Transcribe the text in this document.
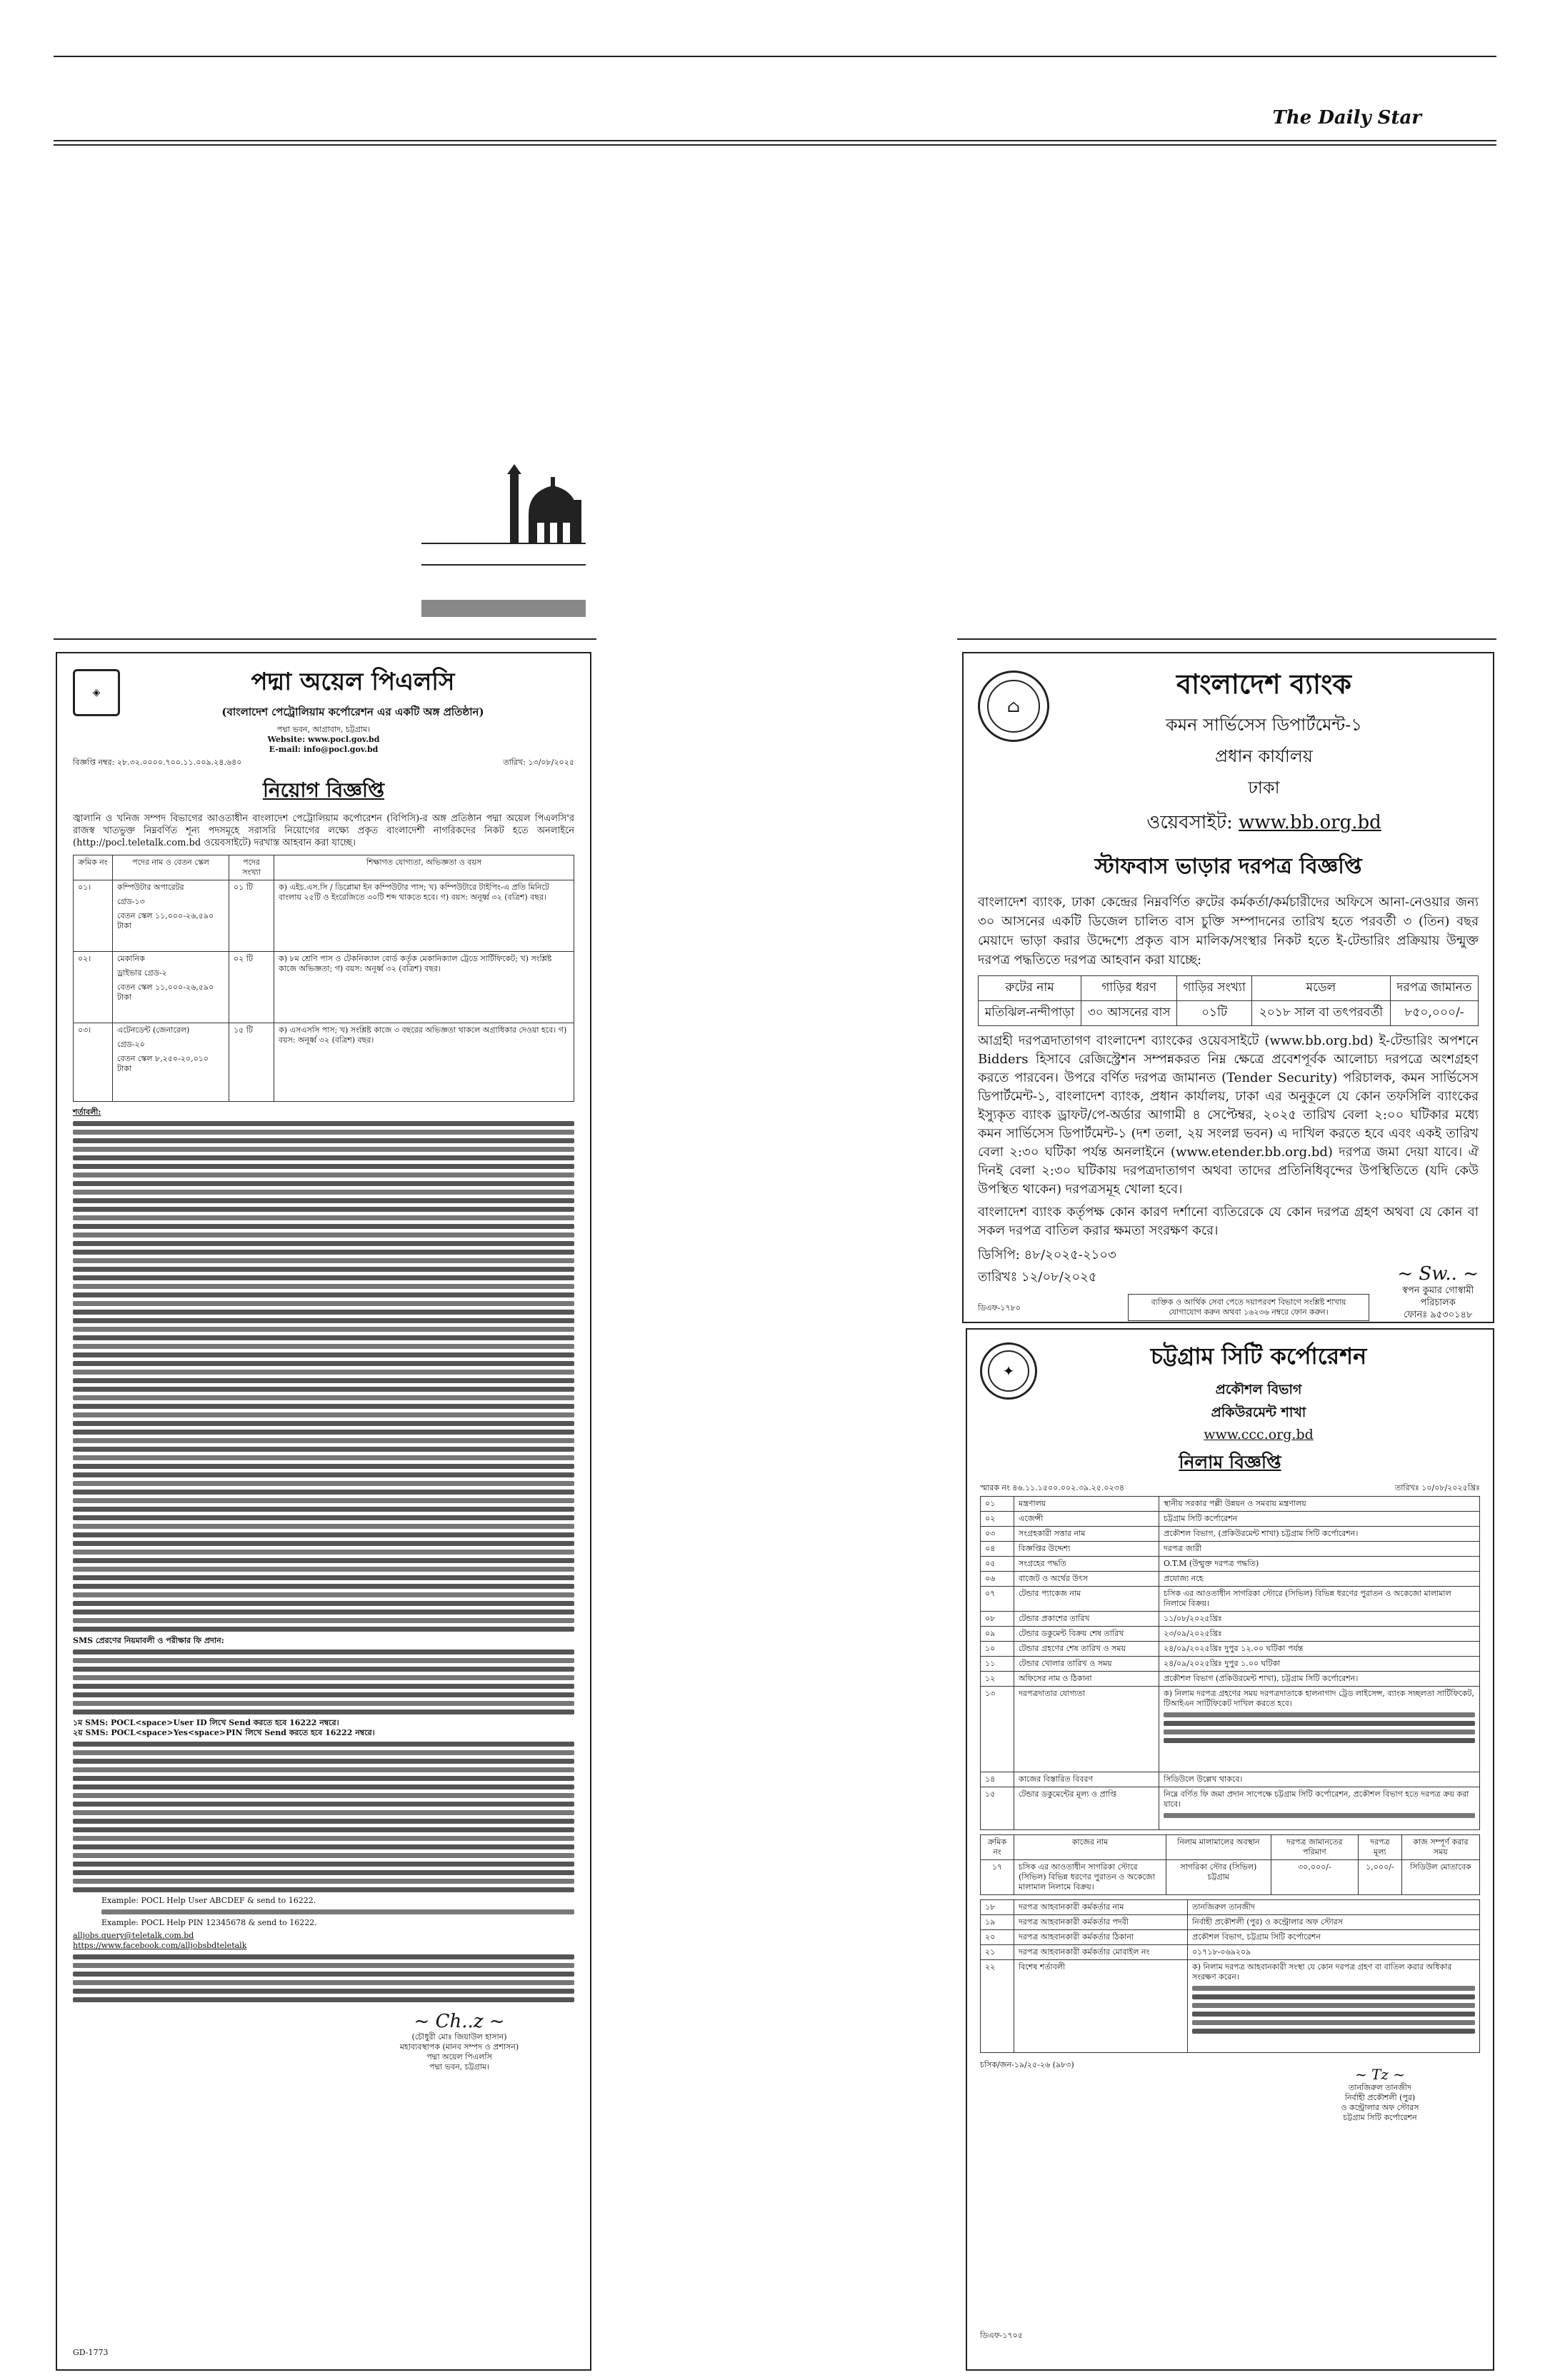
The Daily Star
◈	পদ্মা অয়েল পিএলসি
(বাংলাদেশ পেট্রোলিয়াম কর্পোরেশন এর একটি অঙ্গ প্রতিষ্ঠান)
পদ্মা ভবন, আগ্রাবাদ, চট্টগ্রাম।
Website: www.pocl.gov.bd
E-mail: info@pocl.gov.bd
বিজ্ঞপ্তি নম্বর: ২৮.৩২.০০০০.৭০০.১১.০০৯.২৪.৬৪০	তারিখ: ১৩/০৮/২০২৫
নিয়োগ বিজ্ঞপ্তি
জ্বালানি ও খনিজ সম্পদ বিভাগের আওতাধীন বাংলাদেশ পেট্রোলিয়াম কর্পোরেশন (বিপিসি)-র অঙ্গ প্রতিষ্ঠান পদ্মা অয়েল পিএলসি'র রাজস্ব খাতভুক্ত নিম্নবর্ণিত শূন্য পদসমূহে সরাসরি নিয়োগের লক্ষ্যে প্রকৃত বাংলাদেশী নাগরিকদের নিকট হতে অনলাইনে (http://pocl.teletalk.com.bd ওয়েবসাইটে) দরখাস্ত আহবান করা যাচ্ছে।
ক্রমিক নং	পদের নাম ও বেতন স্কেল	পদের সংখ্যা	শিক্ষাগত যোগ্যতা, অভিজ্ঞতা ও বয়স
০১।	কম্পিউটার অপারেটর
গ্রেড-১৩
বেতন স্কেল ১১,০০০-২৬,৫৯০ টাকা	০১ টি	ক) এইচ.এস.সি / ডিপ্লোমা ইন কম্পিউটার পাস; খ) কম্পিউটারে টাইপিং-এ প্রতি মিনিটে বাংলায় ২৫টি ও ইংরেজিতে ৩০টি শব্দ থাকতে হবে। গ) বয়স: অনূর্ধ্ব ৩২ (বত্রিশ) বছর।
০২।	মেকানিক
ড্রাইভার গ্রেড-২
বেতন স্কেল ১১,০০০-২৬,৫৯০ টাকা	০২ টি	ক) ৮ম শ্রেণি পাস ও টেকনিক্যাল বোর্ড কর্তৃক মেকানিক্যাল ট্রেডে সার্টিফিকেট; খ) সংশ্লিষ্ট কাজে অভিজ্ঞতা; গ) বয়স: অনূর্ধ্ব ৩২ (বত্রিশ) বছর।
০৩।	এটেনডেন্ট (জেনারেল)
গ্রেড-২০
বেতন স্কেল ৮,২৫০-২০,০১০ টাকা	১৫ টি	ক) এসএসসি পাস; খ) সংশ্লিষ্ট কাজে ৩ বছরের অভিজ্ঞতা থাকলে অগ্রাধিকার দেওয়া হবে। গ) বয়স: অনূর্ধ্ব ৩২ (বত্রিশ) বছর।
শর্তাবলী:
SMS প্রেরণের নিয়মাবলী ও পরীক্ষার ফি প্রদান:
১ম SMS: POCL<space>User ID লিখে Send করতে হবে 16222 নম্বরে।
২য় SMS: POCL<space>Yes<space>PIN লিখে Send করতে হবে 16222 নম্বরে।
Example: POCL Help User ABCDEF & send to 16222.
Example: POCL Help PIN 12345678 & send to 16222.
alljobs.query@teletalk.com.bd
https://www.facebook.com/alljobsbdteletalk
~ Ch..z ~
(চৌধুরী মোঃ জিয়াউল হাসান)
মহাব্যবস্থাপক (মানব সম্পদ ও প্রশাসন)
পদ্মা অয়েল পিএলসি
পদ্মা ভবন, চট্টগ্রাম।
GD-1773
⌂
বাংলাদেশ ব্যাংক
কমন সার্ভিসেস ডিপার্টমেন্ট-১
প্রধান কার্যালয়
ঢাকা
ওয়েবসাইট: www.bb.org.bd
স্টাফবাস ভাড়ার দরপত্র বিজ্ঞপ্তি
বাংলাদেশ ব্যাংক, ঢাকা কেন্দ্রের নিম্নবর্ণিত রুটের কর্মকর্তা/কর্মচারীদের অফিসে আনা-নেওয়ার জন্য ৩০ আসনের একটি ডিজেল চালিত বাস চুক্তি সম্পাদনের তারিখ হতে পরবর্তী ৩ (তিন) বছর মেয়াদে ভাড়া করার উদ্দেশ্যে প্রকৃত বাস মালিক/সংস্থার নিকট হতে ই-টেন্ডারিং প্রক্রিয়ায় উন্মুক্ত দরপত্র পদ্ধতিতে দরপত্র আহবান করা যাচ্ছে:
রুটের নাম	গাড়ির ধরণ	গাড়ির সংখ্যা	মডেল	দরপত্র জামানত
মতিঝিল-নন্দীপাড়া	৩০ আসনের বাস	০১টি	২০১৮ সাল বা তৎপরবর্তী	৮৫০,০০০/-
আগ্রহী দরপত্রদাতাগণ বাংলাদেশ ব্যাংকের ওয়েবসাইটে (www.bb.org.bd) ই-টেন্ডারিং অপশনে Bidders হিসাবে রেজিস্ট্রেশন সম্পন্নকরত নিম্ন ক্ষেত্রে প্রবেশপূর্বক আলোচ্য দরপত্রে অংশগ্রহণ করতে পারবেন। উপরে বর্ণিত দরপত্র জামানত (Tender Security) পরিচালক, কমন সার্ভিসেস ডিপার্টমেন্ট-১, বাংলাদেশ ব্যাংক, প্রধান কার্যালয়, ঢাকা এর অনুকূলে যে কোন তফসিলি ব্যাংকের ইস্যুকৃত ব্যাংক ড্রাফট/পে-অর্ডার আগামী ৪ সেপ্টেম্বর, ২০২৫ তারিখ বেলা ২:০০ ঘটিকার মধ্যে কমন সার্ভিসেস ডিপার্টমেন্ট-১ (দশ তলা, ২য় সংলগ্ন ভবন) এ দাখিল করতে হবে এবং একই তারিখ বেলা ২:৩০ ঘটিকা পর্যন্ত অনলাইনে (www.etender.bb.org.bd) দরপত্র জমা দেয়া যাবে। ঐ দিনই বেলা ২:৩০ ঘটিকায় দরপত্রদাতাগণ অথবা তাদের প্রতিনিধিবৃন্দের উপস্থিতিতে (যদি কেউ উপস্থিত থাকেন) দরপত্রসমূহ খোলা হবে।
বাংলাদেশ ব্যাংক কর্তৃপক্ষ কোন কারণ দর্শানো ব্যতিরেকে যে কোন দরপত্র গ্রহণ অথবা যে কোন বা সকল দরপত্র বাতিল করার ক্ষমতা সংরক্ষণ করে।
ডিসিপি: ৪৮/২০২৫-২১০৩
তারিখঃ ১২/০৮/২০২৫
ব্যক্তিক ও আর্থিক সেবা পেতে দয়াপরবশ বিভাগে সংশ্লিষ্ট শাখায় যোগাযোগ করুন অথবা ১৬২৩৬ নম্বরে ফোন করুন।
~ Sw.. ~
স্বপন কুমার গোস্বামী
পরিচালক
ফোনঃ ৯৫৩০১৪৮
ডিএফ-১৭৮০
✦
চট্টগ্রাম সিটি কর্পোরেশন
প্রকৌশল বিভাগ
প্রকিউরমেন্ট শাখা
www.ccc.org.bd
নিলাম বিজ্ঞপ্তি
স্মারক নং ৪৬.১১.১৫০০.০০২.৩৯.২৫.০২৩৪	তারিখঃ ১০/০৮/২০২৫খ্রিঃ
০১	মন্ত্রণালয়	স্থানীয় সরকার পল্লী উন্নয়ন ও সমবায় মন্ত্রণালয়
০২	এজেন্সী	চট্টগ্রাম সিটি কর্পোরেশন
০৩	সংগ্রহকারী সত্তার নাম	প্রকৌশল বিভাগ, (প্রকিউরমেন্ট শাখা) চট্টগ্রাম সিটি কর্পোরেশন।
০৪	বিজ্ঞপ্তির উদ্দেশ্য	দরপত্র জারী
০৫	সংগ্রহের পদ্ধতি	O.T.M (উন্মুক্ত দরপত্র পদ্ধতি)
০৬	বাজেট ও অর্থের উৎস	প্রযোজ্য নহে
০৭	টেন্ডার প্যাকেজ নাম	চসিক এর আওতাধীন সাগরিকা স্টোরে (সিভিল) বিভিন্ন ধরণের পুরাতন ও অকেজো মালামাল নিলামে বিক্রয়।
০৮	টেন্ডার প্রকাশের তারিখ	১১/০৮/২০২৫খ্রিঃ
০৯	টেন্ডার ডকুমেন্ট বিক্রয় শেষ তারিখ	২৩/০৯/২০২৫খ্রিঃ
১০	টেন্ডার গ্রহণের শেষ তারিখ ও সময়	২৪/০৯/২০২৫খ্রিঃ দুপুর ১২.০০ ঘটিকা পর্যন্ত
১১	টেন্ডার খোলার তারিখ ও সময়	২৪/০৯/২০২৫খ্রিঃ দুপুর ১.০০ ঘটিকা
১২	অফিসের নাম ও ঠিকানা	প্রকৌশল বিভাগ (প্রকিউরমেন্ট শাখা), চট্টগ্রাম সিটি কর্পোরেশন।
১৩	দরপত্রদাতার যোগ্যতা	ক) নিলাম দরপত্র গ্রহণের সময় দরপত্রদাতাকে হালনাগাদ ট্রেড লাইসেন্স, ব্যাংক সচ্ছলতা সার্টিফিকেট, টিআইএন সার্টিফিকেট দাখিল করতে হবে।

১৪	কাজের বিস্তারিত বিবরণ	সিডিউলে উল্লেখ থাকবে।
১৫	টেন্ডার ডকুমেন্টের মূল্য ও প্রাপ্তি	নিম্নে বর্ণিত ফি জমা প্রদান সাপেক্ষে চট্টগ্রাম সিটি কর্পোরেশন, প্রকৌশল বিভাগ হতে দরপত্র ক্রয় করা যাবে।
ক্রমিক নং	কাজের নাম	নিলাম মালামালের অবস্থান	দরপত্র জামানতের পরিমাণ	দরপত্র মূল্য	কাজ সম্পূর্ণ করার সময়
১৭	চসিক এর আওতাধীন সাগরিকা স্টোরে (সিভিল) বিভিন্ন ধরণের পুরাতন ও অকেজো মালামাল নিলামে বিক্রয়।	সাগরিকা স্টোর (সিভিল) চট্টগ্রাম	৩০,০০০/-	১,০০০/-	সিডিউল মোতাবেক
১৮	দরপত্র আহবানকারী কর্মকর্তার নাম	তানজিরুল তানজীদ
১৯	দরপত্র আহবানকারী কর্মকর্তার পদবী	নির্বাহী প্রকৌশলী (পুর) ও কন্ট্রোলার অফ স্টোরস
২০	দরপত্র আহবানকারী কর্মকর্তার ঠিকানা	প্রকৌশল বিভাগ, চট্টগ্রাম সিটি কর্পোরেশন
২১	দরপত্র আহবানকারী কর্মকর্তার মোবাইল নং	০১৭১৮-০৬৯২০৯
২২	বিশেষ শর্তাবলী	ক) নিলাম দরপত্র আহবানকারী সংস্থা যে কোন দরপত্র গ্রহণ বা বাতিল করার অধিকার সংরক্ষণ করেন।
চসিক/জন-১৯/২৫-২৬ (৯৮৩)
~ Tz ~
তানজিরুল তানজীদ
নির্বাহী প্রকৌশলী (পুর)
ও কন্ট্রোলার অফ স্টোরস
চট্টগ্রাম সিটি কর্পোরেশন
ডিএফ-১৭০৫
